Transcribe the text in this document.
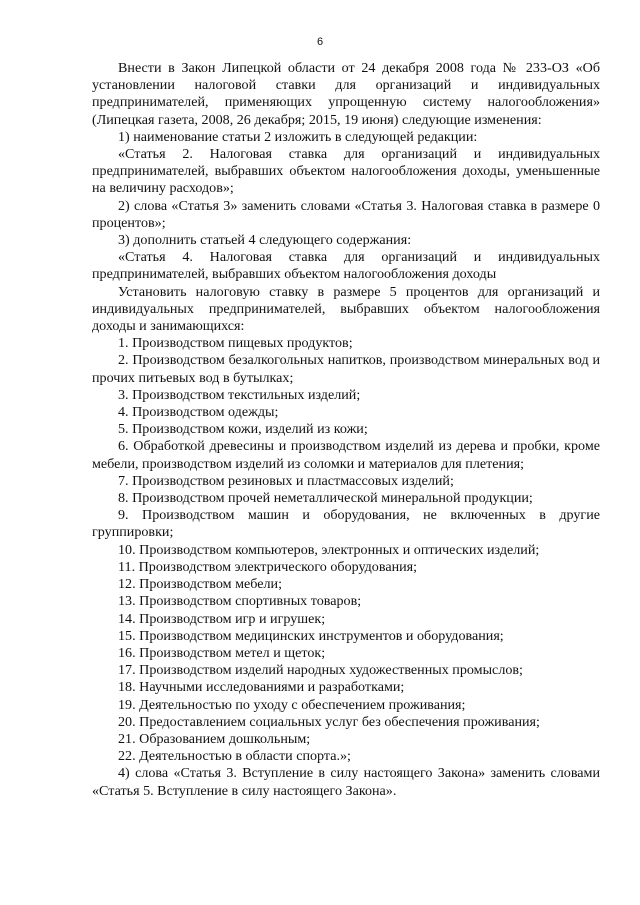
6

Внести в Закон Липецкой области от 24 декабря 2008 года № 233-ОЗ «Об установлении налоговой ставки для организаций и индивидуальных предпринимателей, применяющих упрощенную систему налогообложения» (Липецкая газета, 2008, 26 декабря; 2015, 19 июня) следующие изменения:

1) наименование статьи 2 изложить в следующей редакции:

«Статья 2. Налоговая ставка для организаций и индивидуальных предпринимателей, выбравших объектом налогообложения доходы, уменьшенные на величину расходов»;

2) слова «Статья 3» заменить словами «Статья 3. Налоговая ставка в размере 0 процентов»;

3) дополнить статьей 4 следующего содержания:

«Статья 4. Налоговая ставка для организаций и индивидуальных предпринимателей, выбравших объектом налогообложения доходы

Установить налоговую ставку в размере 5 процентов для организаций и индивидуальных предпринимателей, выбравших объектом налогообложения доходы и занимающихся:

1. Производством пищевых продуктов;

2. Производством безалкогольных напитков, производством минеральных вод и прочих питьевых вод в бутылках;

3. Производством текстильных изделий;

4. Производством одежды;

5. Производством кожи, изделий из кожи;

6. Обработкой древесины и производством изделий из дерева и пробки, кроме мебели, производством изделий из соломки и материалов для плетения;

7. Производством резиновых и пластмассовых изделий;

8. Производством прочей неметаллической минеральной продукции;

9. Производством машин и оборудования, не включенных в другие группировки;

10. Производством компьютеров, электронных и оптических изделий;

11. Производством электрического оборудования;

12. Производством мебели;

13. Производством спортивных товаров;

14. Производством игр и игрушек;

15. Производством медицинских инструментов и оборудования;

16. Производством метел и щеток;

17. Производством изделий народных художественных промыслов;

18. Научными исследованиями и разработками;

19. Деятельностью по уходу с обеспечением проживания;

20. Предоставлением социальных услуг без обеспечения проживания;

21. Образованием дошкольным;

22. Деятельностью в области спорта.»;

4) слова «Статья 3. Вступление в силу настоящего Закона» заменить словами «Статья 5. Вступление в силу настоящего Закона».
